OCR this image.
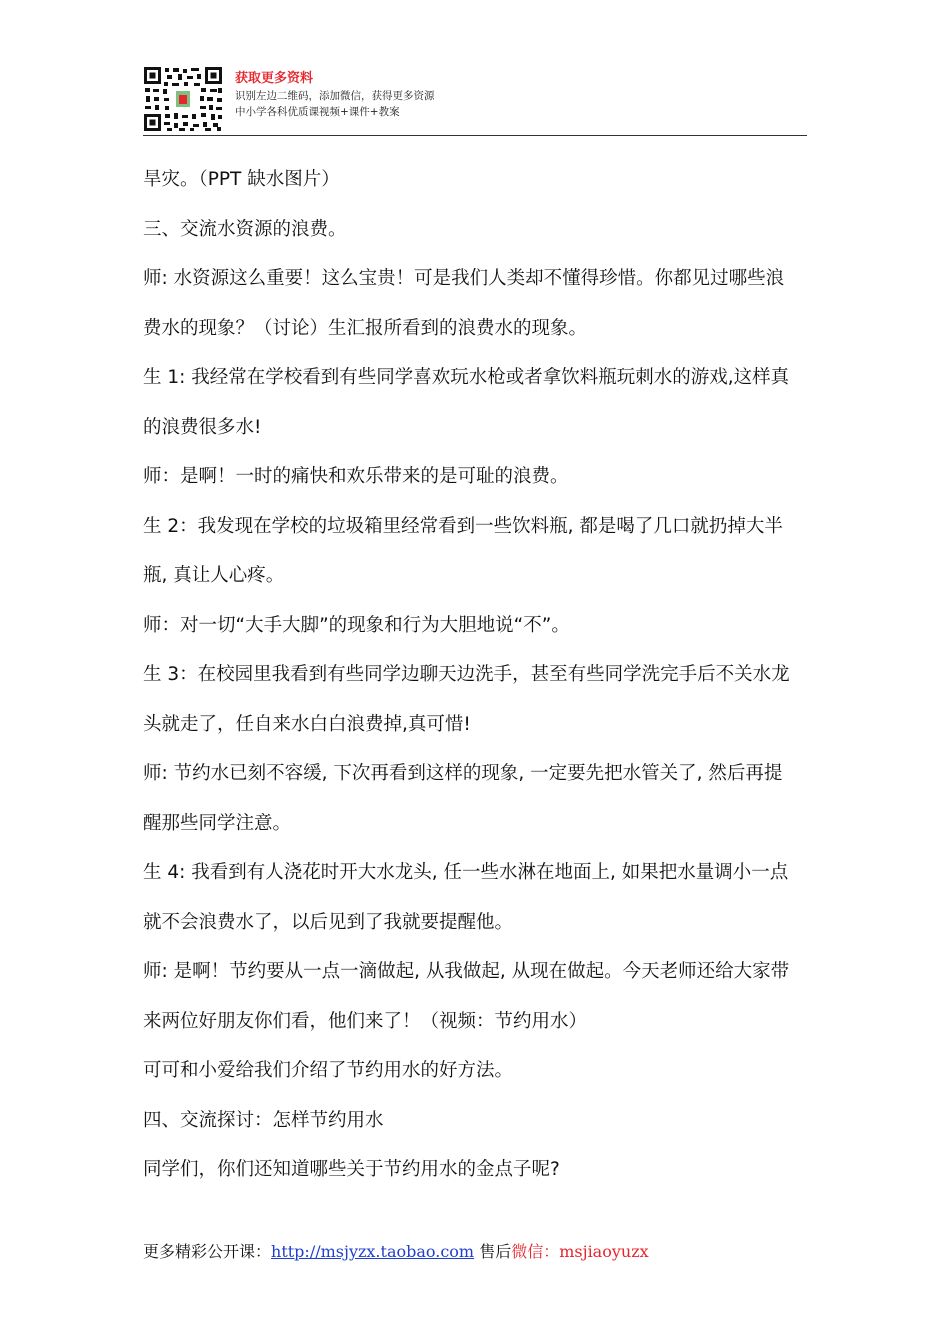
获取更多资料
识别左边二维码，添加微信，获得更多资源
中小学各科优质课视频+课件+教案

旱灾。（PPT 缺水图片）

三、交流水资源的浪费。

师: 水资源这么重要！这么宝贵！可是我们人类却不懂得珍惜。你都见过哪些浪

费水的现象？（讨论）生汇报所看到的浪费水的现象。

生 1: 我经常在学校看到有些同学喜欢玩水枪或者拿饮料瓶玩刺水的游戏,这样真

的浪费很多水!

师：是啊！一时的痛快和欢乐带来的是可耻的浪费。

生 2：我发现在学校的垃圾箱里经常看到一些饮料瓶, 都是喝了几口就扔掉大半

瓶, 真让人心疼。

师：对一切“大手大脚”的现象和行为大胆地说“不”。

生 3：在校园里我看到有些同学边聊天边洗手，甚至有些同学洗完手后不关水龙

头就走了，任自来水白白浪费掉,真可惜!

师: 节约水已刻不容缓, 下次再看到这样的现象, 一定要先把水管关了, 然后再提

醒那些同学注意。

生 4: 我看到有人浇花时开大水龙头, 任一些水淋在地面上, 如果把水量调小一点

就不会浪费水了，以后见到了我就要提醒他。

师: 是啊！节约要从一点一滴做起, 从我做起, 从现在做起。今天老师还给大家带

来两位好朋友你们看，他们来了！（视频：节约用水）

可可和小爱给我们介绍了节约用水的好方法。

四、交流探讨：怎样节约用水

同学们，你们还知道哪些关于节约用水的金点子呢?

更多精彩公开课：http://msjyzx.taobao.com 售后微信：msjiaoyuzx
